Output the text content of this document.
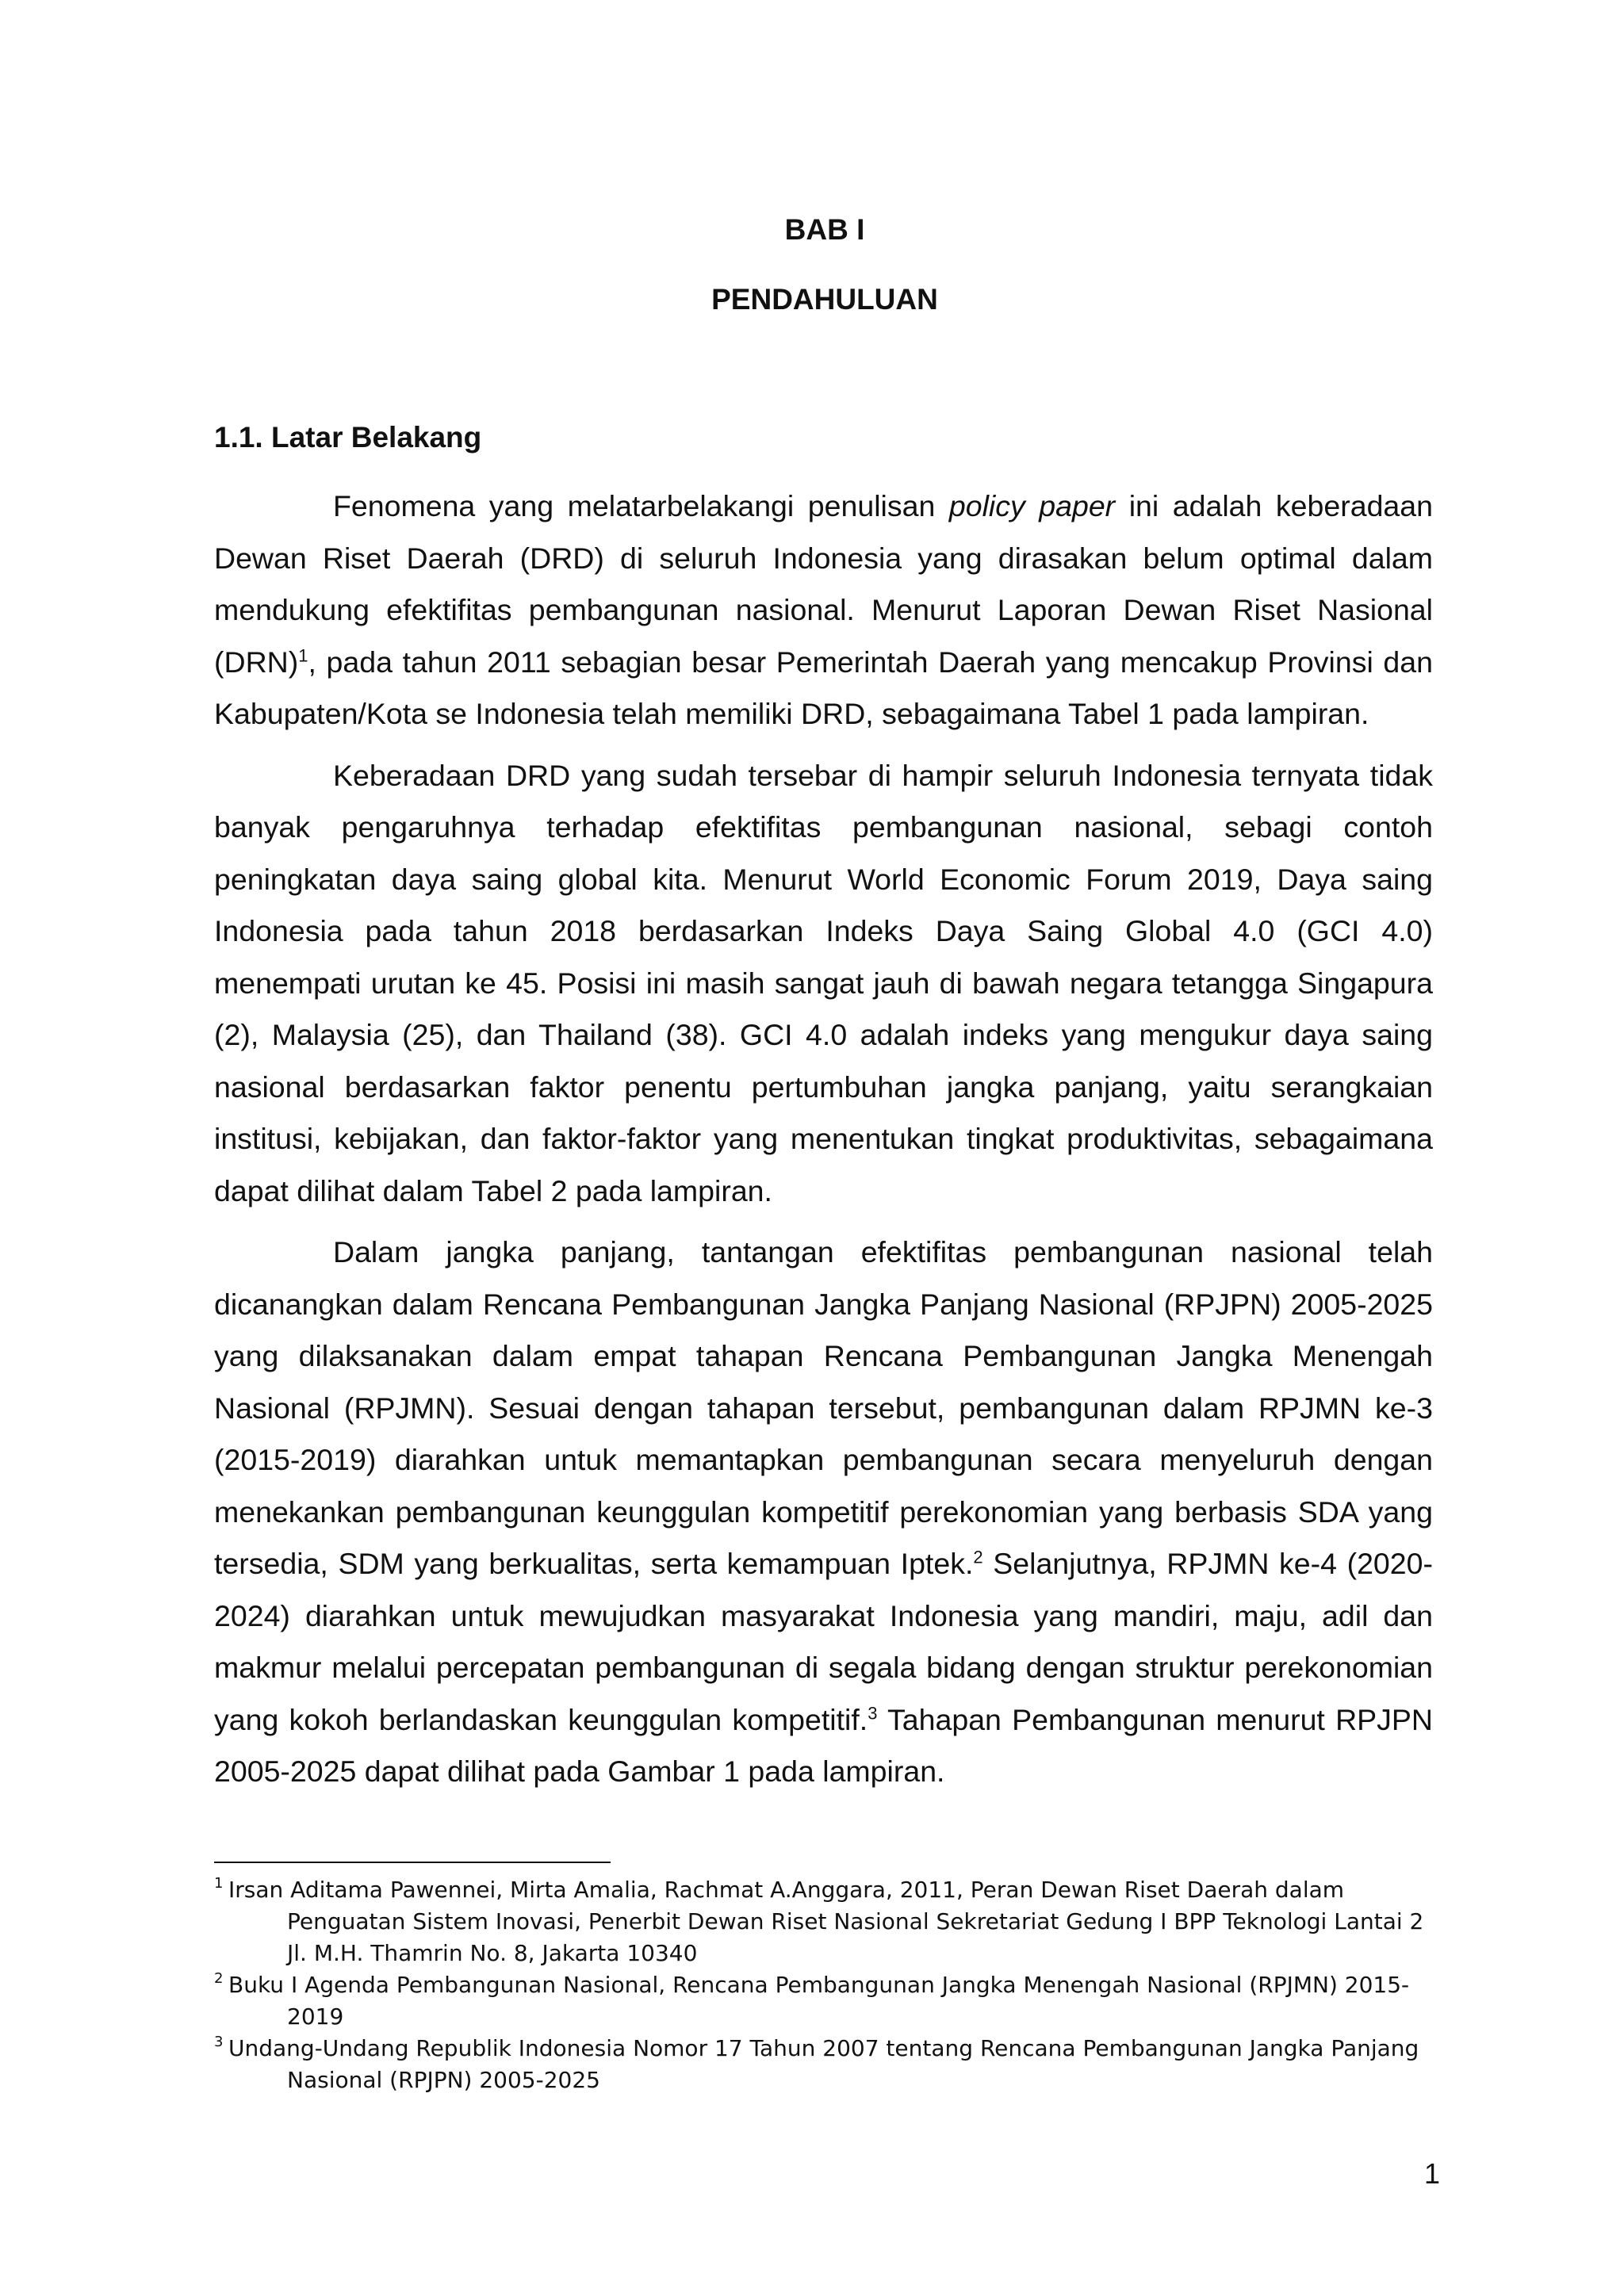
BAB I

PENDAHULUAN

1.1. Latar Belakang

Fenomena yang melatarbelakangi penulisan policy paper ini adalah keberadaan Dewan Riset Daerah (DRD) di seluruh Indonesia yang dirasakan belum optimal dalam mendukung efektifitas pembangunan nasional. Menurut Laporan Dewan Riset Nasional (DRN)$^1$, pada tahun 2011 sebagian besar Pemerintah Daerah yang mencakup Provinsi dan Kabupaten/Kota se Indonesia telah memiliki DRD, sebagaimana Tabel 1 pada lampiran.

Keberadaan DRD yang sudah tersebar di hampir seluruh Indonesia ternyata tidak banyak pengaruhnya terhadap efektifitas pembangunan nasional, sebagi contoh peningkatan daya saing global kita. Menurut World Economic Forum 2019, Daya saing Indonesia pada tahun 2018 berdasarkan Indeks Daya Saing Global 4.0 (GCI 4.0) menempati urutan ke 45. Posisi ini masih sangat jauh di bawah negara tetangga Singapura (2), Malaysia (25), dan Thailand (38). GCI 4.0 adalah indeks yang mengukur daya saing nasional berdasarkan faktor penentu pertumbuhan jangka panjang, yaitu serangkaian institusi, kebijakan, dan faktor-faktor yang menentukan tingkat produktivitas, sebagaimana dapat dilihat dalam Tabel 2 pada lampiran.

Dalam jangka panjang, tantangan efektifitas pembangunan nasional telah dicanangkan dalam Rencana Pembangunan Jangka Panjang Nasional (RPJPN) 2005-2025 yang dilaksanakan dalam empat tahapan Rencana Pembangunan Jangka Menengah Nasional (RPJMN). Sesuai dengan tahapan tersebut, pembangunan dalam RPJMN ke-3 (2015-2019) diarahkan untuk memantapkan pembangunan secara menyeluruh dengan menekankan pembangunan keunggulan kompetitif perekonomian yang berbasis SDA yang tersedia, SDM yang berkualitas, serta kemampuan Iptek.$^2$ Selanjutnya, RPJMN ke-4 (2020-2024) diarahkan untuk mewujudkan masyarakat Indonesia yang mandiri, maju, adil dan makmur melalui percepatan pembangunan di segala bidang dengan struktur perekonomian yang kokoh berlandaskan keunggulan kompetitif.$^3$ Tahapan Pembangunan menurut RPJPN 2005-2025 dapat dilihat pada Gambar 1 pada lampiran.

1 Irsan Aditama Pawennei, Mirta Amalia, Rachmat A.Anggara, 2011, Peran Dewan Riset Daerah dalam Penguatan Sistem Inovasi, Penerbit Dewan Riset Nasional Sekretariat Gedung I BPP Teknologi Lantai 2 Jl. M.H. Thamrin No. 8, Jakarta 10340

2 Buku I Agenda Pembangunan Nasional, Rencana Pembangunan Jangka Menengah Nasional (RPJMN) 2015-2019

3 Undang-Undang Republik Indonesia Nomor 17 Tahun 2007 tentang Rencana Pembangunan Jangka Panjang Nasional (RPJPN) 2005-2025

1
